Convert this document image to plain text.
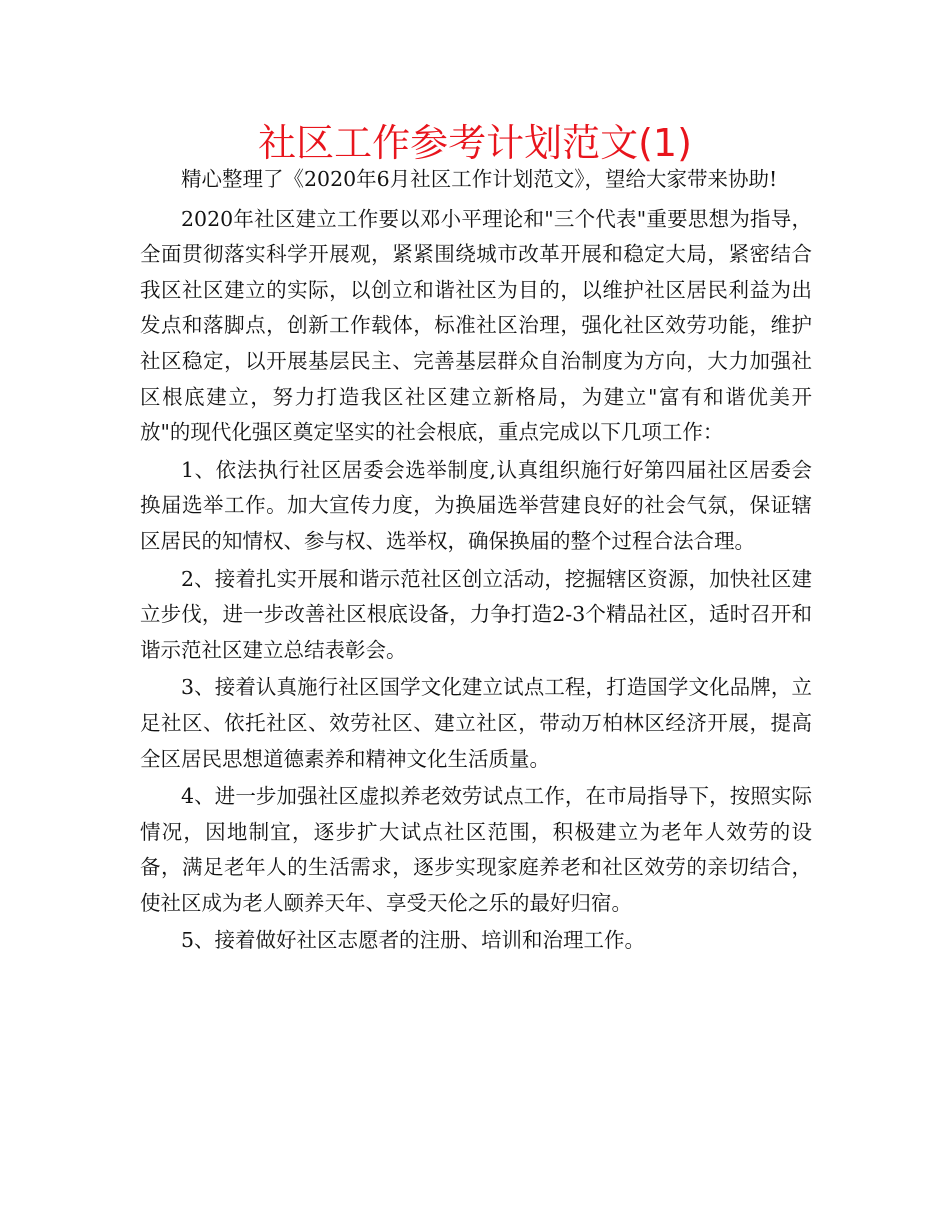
社区工作参考计划范文(1)

精心整理了《2020年6月社区工作计划范文》，望给大家带来协助!

2020年社区建立工作要以邓小平理论和"三个代表"重要思想为指导，全面贯彻落实科学开展观，紧紧围绕城市改革开展和稳定大局，紧密结合我区社区建立的实际，以创立和谐社区为目的，以维护社区居民利益为出发点和落脚点，创新工作载体，标准社区治理，强化社区效劳功能，维护社区稳定，以开展基层民主、完善基层群众自治制度为方向，大力加强社区根底建立，努力打造我区社区建立新格局，为建立"富有和谐优美开放"的现代化强区奠定坚实的社会根底，重点完成以下几项工作：

1、依法执行社区居委会选举制度,认真组织施行好第四届社区居委会换届选举工作。加大宣传力度，为换届选举营建良好的社会气氛，保证辖区居民的知情权、参与权、选举权，确保换届的整个过程合法合理。

2、接着扎实开展和谐示范社区创立活动，挖掘辖区资源，加快社区建立步伐，进一步改善社区根底设备，力争打造2-3个精品社区，适时召开和谐示范社区建立总结表彰会。

3、接着认真施行社区国学文化建立试点工程，打造国学文化品牌，立足社区、依托社区、效劳社区、建立社区，带动万柏林区经济开展，提高全区居民思想道德素养和精神文化生活质量。

4、进一步加强社区虚拟养老效劳试点工作，在市局指导下，按照实际情况，因地制宜，逐步扩大试点社区范围，积极建立为老年人效劳的设备，满足老年人的生活需求，逐步实现家庭养老和社区效劳的亲切结合，使社区成为老人颐养天年、享受天伦之乐的最好归宿。

5、接着做好社区志愿者的注册、培训和治理工作。
